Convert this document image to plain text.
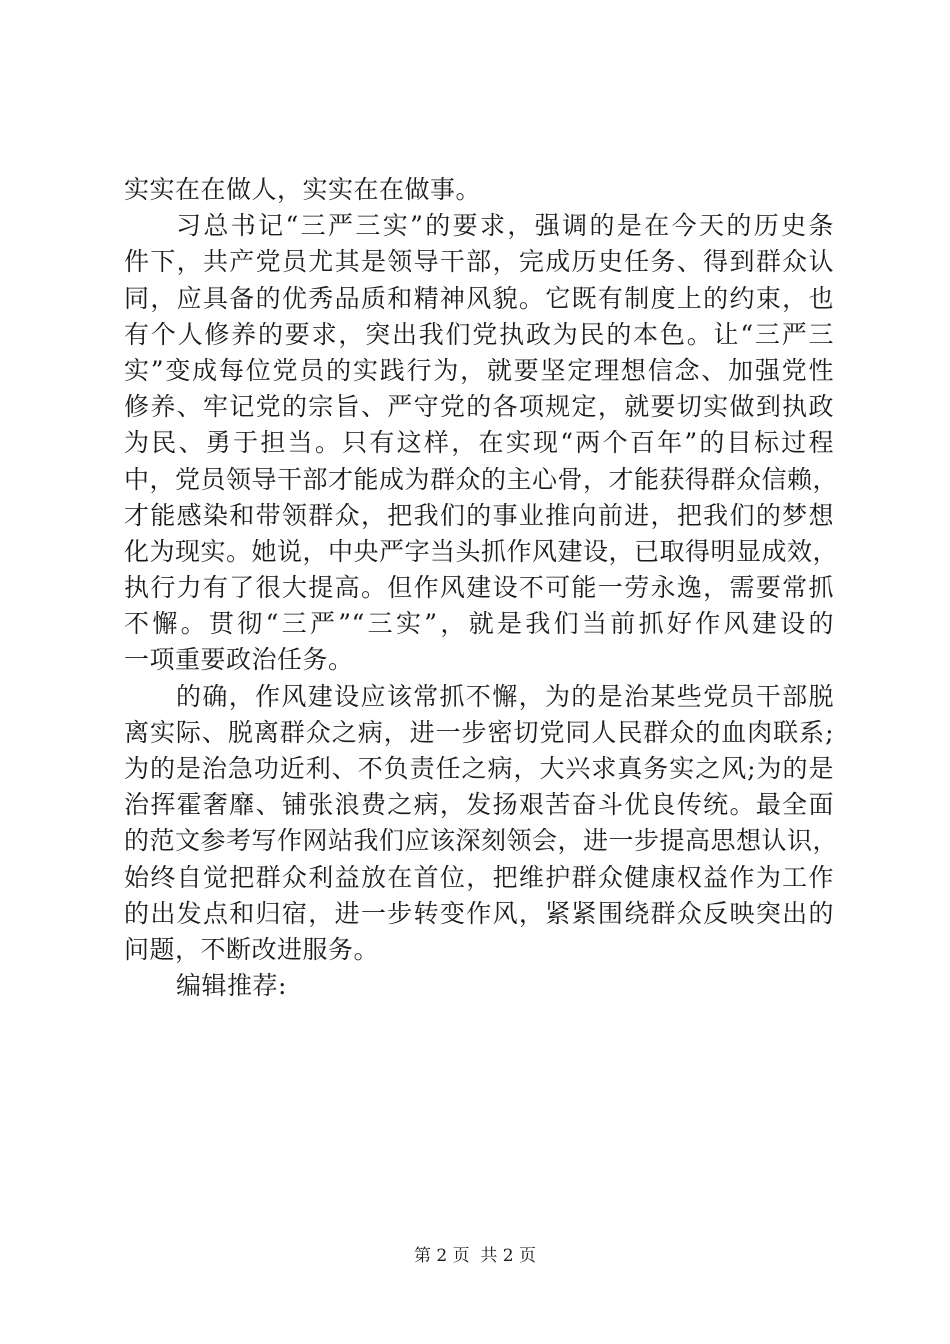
实实在在做人，实实在在做事。
习总书记“三严三实”的要求，强调的是在今天的历史条
件下，共产党员尤其是领导干部，完成历史任务、得到群众认
同，应具备的优秀品质和精神风貌。它既有制度上的约束，也
有个人修养的要求，突出我们党执政为民的本色。让“三严三
实”变成每位党员的实践行为，就要坚定理想信念、加强党性
修养、牢记党的宗旨、严守党的各项规定，就要切实做到执政
为民、勇于担当。只有这样，在实现“两个百年”的目标过程
中，党员领导干部才能成为群众的主心骨，才能获得群众信赖，
才能感染和带领群众，把我们的事业推向前进，把我们的梦想
化为现实。她说，中央严字当头抓作风建设，已取得明显成效，
执行力有了很大提高。但作风建设不可能一劳永逸，需要常抓
不懈。贯彻“三严”“三实”，就是我们当前抓好作风建设的
一项重要政治任务。
的确，作风建设应该常抓不懈，为的是治某些党员干部脱
离实际、脱离群众之病，进一步密切党同人民群众的血肉联系;
为的是治急功近利、不负责任之病，大兴求真务实之风;为的是
治挥霍奢靡、铺张浪费之病，发扬艰苦奋斗优良传统。最全面
的范文参考写作网站我们应该深刻领会，进一步提高思想认识，
始终自觉把群众利益放在首位，把维护群众健康权益作为工作
的出发点和归宿，进一步转变作风，紧紧围绕群众反映突出的
问题，不断改进服务。
编辑推荐:
第 2 页  共 2 页
